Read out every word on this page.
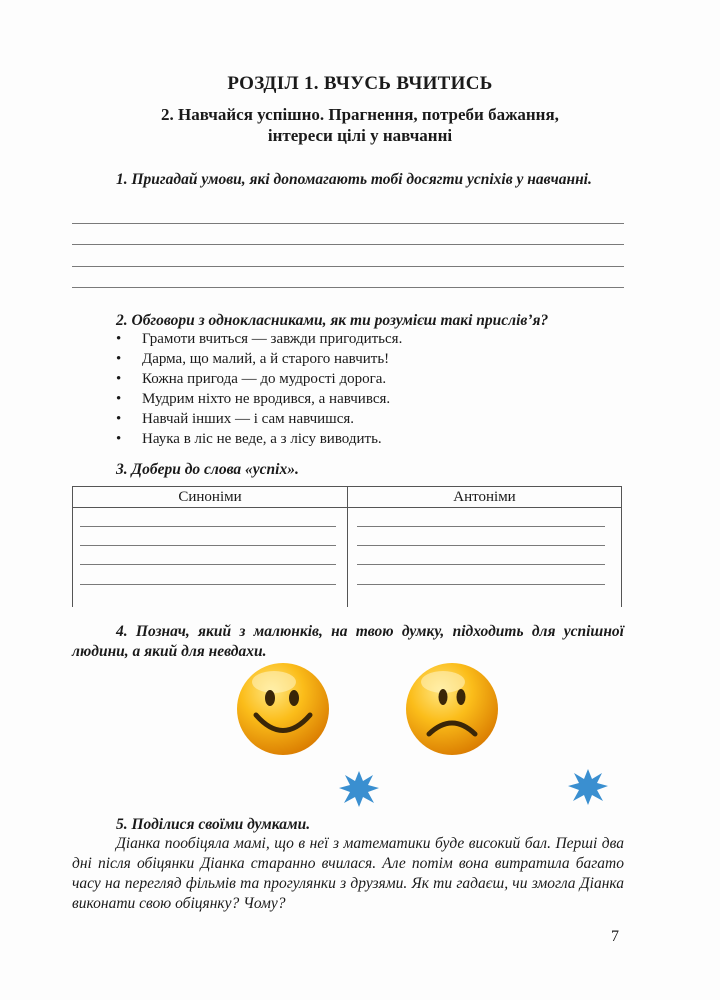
РОЗДІЛ 1. ВЧУСЬ ВЧИТИСЬ
2. Навчайся успішно. Прагнення, потреби бажання,
інтереси цілі у навчанні
1. Пригадай умови, які допомагають тобі досягти успіхів у навчанні.
2. Обговори з однокласниками, як ти розумієш такі прислів’я?
• Грамоти вчиться — завжди пригодиться.
• Дарма, що малий, а й старого навчить!
• Кожна пригода — до мудрості дорога.
• Мудрим ніхто не вродився, а навчився.
• Навчай інших — і сам навчишся.
• Наука в ліс не веде, а з лісу виводить.
3. Добери до слова «успіх».
Синоніми	Антоніми
4. Познач, який з малюнків, на твою думку, підходить для успішної людини, а який для невдахи.
5. Поділися своїми думками.
Діанка пообіцяла мамі, що в неї з математики буде високий бал. Перші два дні після обіцянки Діанка старанно вчилася. Але потім вона витратила багато часу на перегляд фільмів та прогулянки з друзями. Як ти гадаєш, чи змогла Діанка виконати свою обіцянку? Чому?
7
